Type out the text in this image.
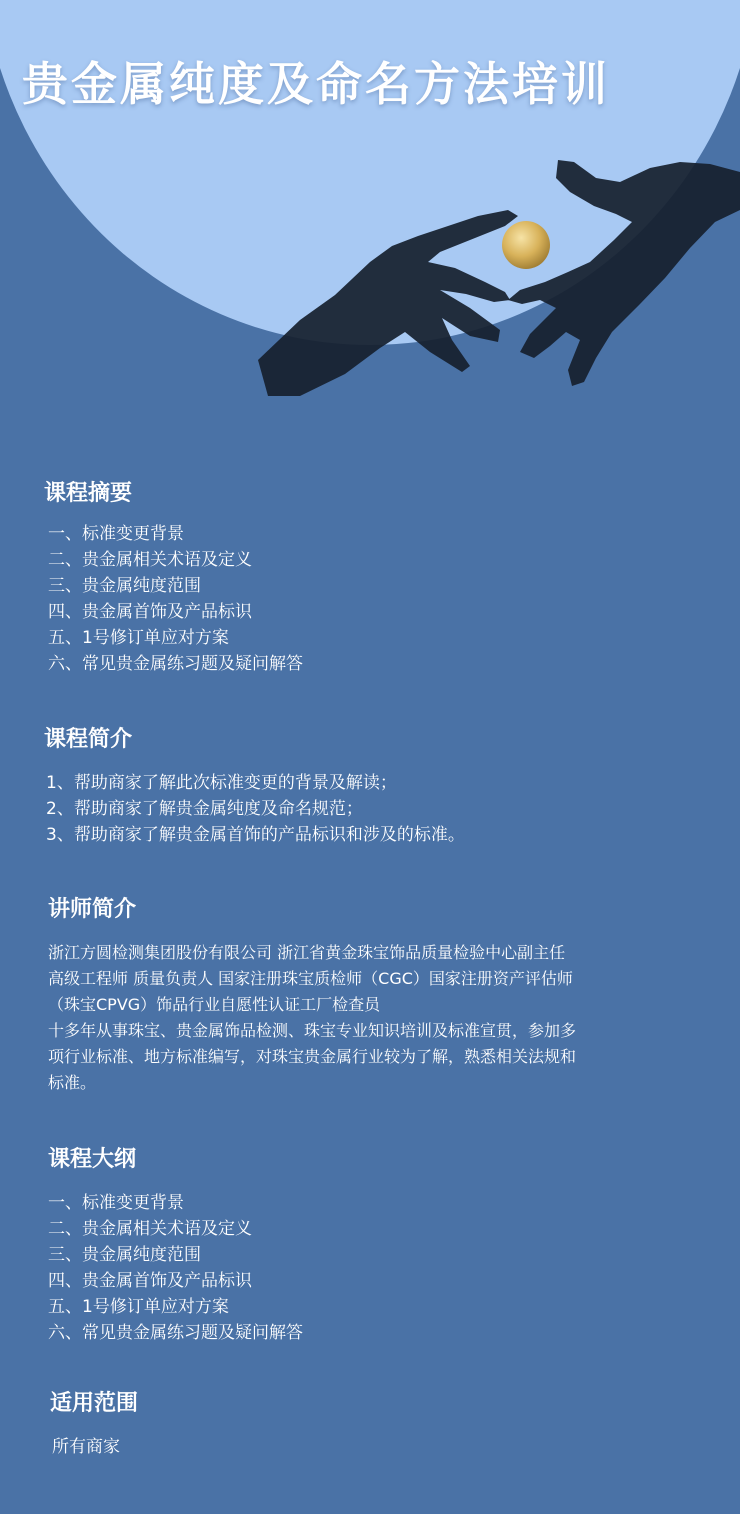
贵金属纯度及命名方法培训
课程摘要
一、标准变更背景
二、贵金属相关术语及定义
三、贵金属纯度范围
四、贵金属首饰及产品标识
五、1号修订单应对方案
六、常见贵金属练习题及疑问解答
课程简介
1、帮助商家了解此次标准变更的背景及解读；
2、帮助商家了解贵金属纯度及命名规范；
3、帮助商家了解贵金属首饰的产品标识和涉及的标准。
讲师简介
浙江方圆检测集团股份有限公司 浙江省黄金珠宝饰品质量检验中心副主任
高级工程师 质量负责人 国家注册珠宝质检师（CGC）国家注册资产评估师
（珠宝CPVG）饰品行业自愿性认证工厂检查员
十多年从事珠宝、贵金属饰品检测、珠宝专业知识培训及标准宣贯，参加多
项行业标准、地方标准编写，对珠宝贵金属行业较为了解，熟悉相关法规和
标准。
课程大纲
一、标准变更背景
二、贵金属相关术语及定义
三、贵金属纯度范围
四、贵金属首饰及产品标识
五、1号修订单应对方案
六、常见贵金属练习题及疑问解答
适用范围
所有商家
